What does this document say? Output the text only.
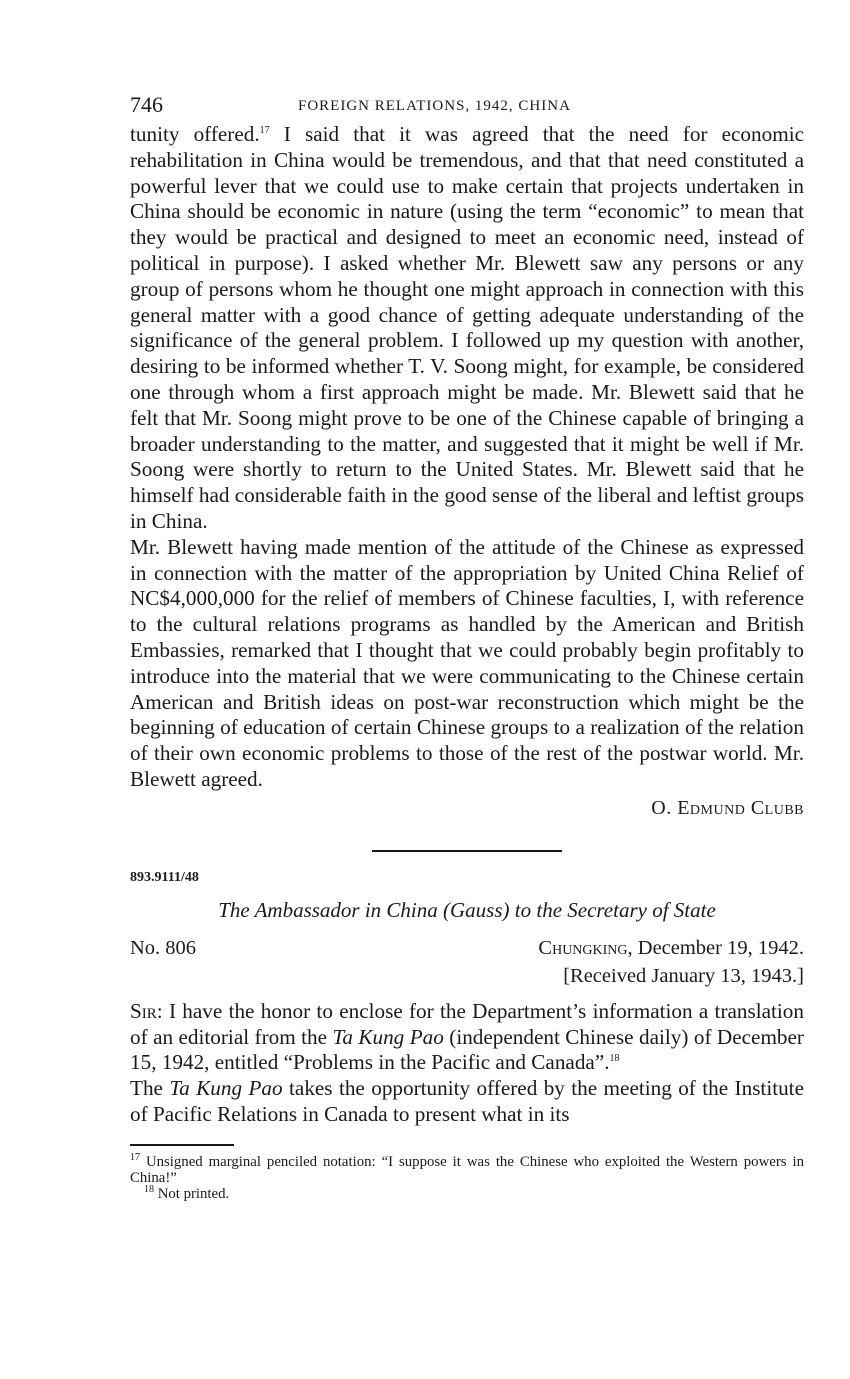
746	FOREIGN RELATIONS, 1942, CHINA

tunity offered.$^{17}$ I said that it was agreed that the need for economic rehabilitation in China would be tremendous, and that that need constituted a powerful lever that we could use to make certain that projects undertaken in China should be economic in nature (using the term “economic” to mean that they would be practical and designed to meet an economic need, instead of political in purpose). I asked whether Mr. Blewett saw any persons or any group of persons whom he thought one might approach in connection with this general matter with a good chance of getting adequate understanding of the significance of the general problem. I followed up my question with another, desiring to be informed whether T. V. Soong might, for example, be considered one through whom a first approach might be made. Mr. Blewett said that he felt that Mr. Soong might prove to be one of the Chinese capable of bringing a broader understanding to the matter, and suggested that it might be well if Mr. Soong were shortly to return to the United States. Mr. Blewett said that he himself had considerable faith in the good sense of the liberal and leftist groups in China.

Mr. Blewett having made mention of the attitude of the Chinese as expressed in connection with the matter of the appropriation by United China Relief of NC$4,000,000 for the relief of members of Chinese faculties, I, with reference to the cultural relations programs as handled by the American and British Embassies, remarked that I thought that we could probably begin profitably to introduce into the material that we were communicating to the Chinese certain American and British ideas on post-war reconstruction which might be the beginning of education of certain Chinese groups to a realization of the relation of their own economic problems to those of the rest of the postwar world. Mr. Blewett agreed.

O. Edmund Clubb
893.9111/48
The Ambassador in China (Gauss) to the Secretary of State
No. 806	Chungking, December 19, 1942.
[Received January 13, 1943.]

Sir: I have the honor to enclose for the Department’s information a translation of an editorial from the Ta Kung Pao (independent Chinese daily) of December 15, 1942, entitled “Problems in the Pacific and Canada”.$^{18}$

The Ta Kung Pao takes the opportunity offered by the meeting of the Institute of Pacific Relations in Canada to present what in its

$^{17}$ Unsigned marginal penciled notation: “I suppose it was the Chinese who exploited the Western powers in China!”

$^{18}$ Not printed.
